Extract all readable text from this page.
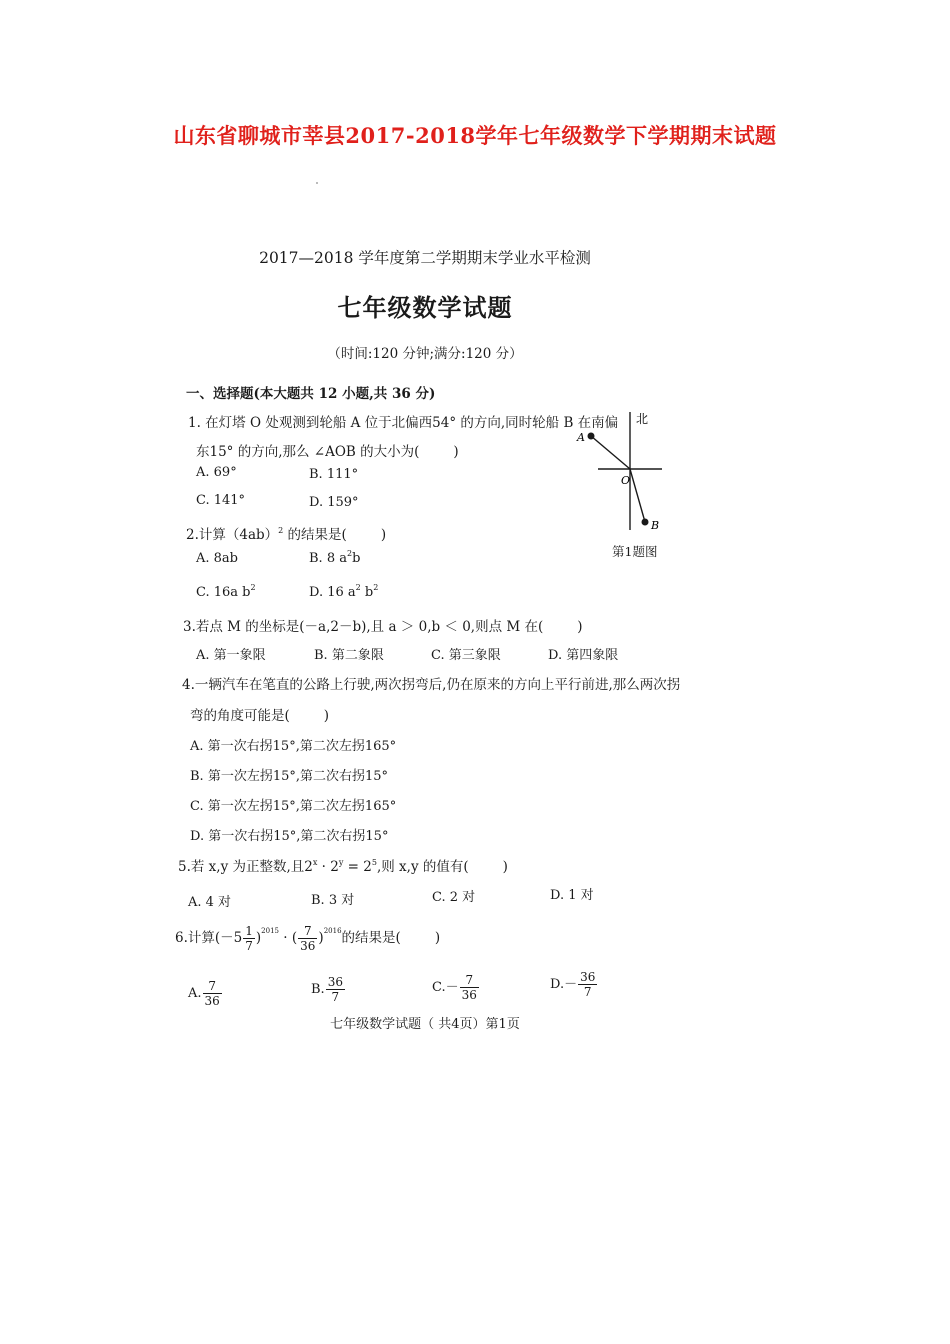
山东省聊城市莘县2017-2018学年七年级数学下学期期末试题
2017—2018 学年度第二学期期末学业水平检测
七年级数学试题
（时间:120 分钟;满分:120 分）
一、选择题(本大题共 12 小题,共 36 分)
1. 在灯塔 O 处观测到轮船 A 位于北偏西54° 的方向,同时轮船 B 在南偏
东15° 的方向,那么 ∠AOB 的大小为(	)
A. 69°	B. 111°
C. 141°	D. 159°
北
A
B
O
第1题图
2.计算$(4ab)^2$ 的结果是(	)
A. 8ab	B. 8 $a^2b$
C. 16a $b^2$	D. 16 $a^2$ $b^2$
3.若点 M 的坐标是(－a,2－b),且 a ＞ 0,b ＜ 0,则点 M 在(	)
A. 第一象限	B. 第二象限	C. 第三象限	D. 第四象限
4.一辆汽车在笔直的公路上行驶,两次拐弯后,仍在原来的方向上平行前进,那么两次拐
弯的角度可能是(	)
A. 第一次右拐15°,第二次左拐165°
B. 第一次左拐15°,第二次右拐15°
C. 第一次左拐15°,第二次左拐165°
D. 第一次右拐15°,第二次右拐15°
5.若 x,y 为正整数,且$2^x \cdot 2^y = 2^5$,则 x,y 的值有(	)
A. 4 对	B. 3 对	C. 2 对	D. 1 对
6.计算$(-5 \frac{1}{7} )^{2015}$ · ( $\frac{7}{36} )^{2016}$的结果是(	)
A. $\frac{7}{36}$	B. $\frac{36}{7}$	$C.- \frac{7}{36}$	$D.- \frac{36}{7}$
七年级数学试题（ 共4页）第1页
